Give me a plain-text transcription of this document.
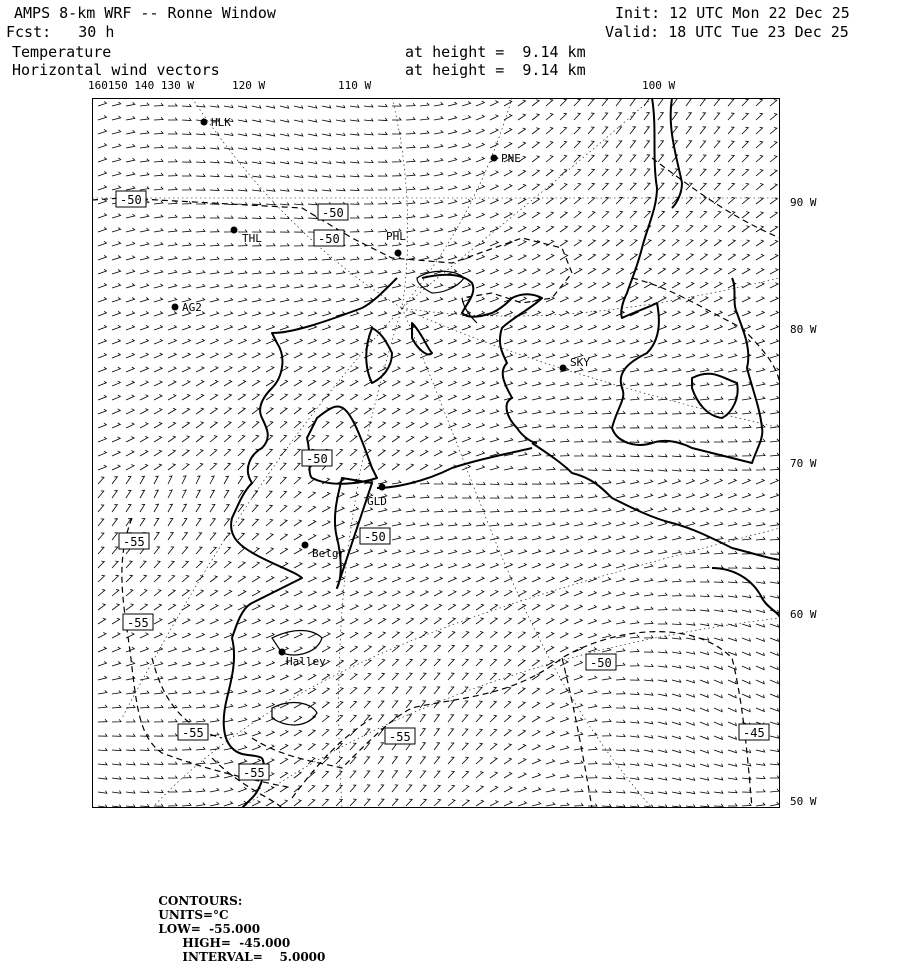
AMPS 8-km WRF -- Ronne Window
Fcst:   30 h
Temperature
Horizontal wind vectors
at height =  9.14 km
at height =  9.14 km
Init: 12 UTC Mon 22 Dec 25
Valid: 18 UTC Tue 23 Dec 25
160150 140 130 W	120 W	110 W	100 W
90 W
80 W
70 W
60 W
50 W
HLK
PNE
THL	PHL
AG2
SKY
GLD
Belgr
Halley
-50
-50
-50
-50
-50
-55
-55
-55
-55
-50
-55	-45

CONTOURS:
UNITS=°C
LOW=  -55.000
HIGH=  -45.000
INTERVAL=    5.0000
